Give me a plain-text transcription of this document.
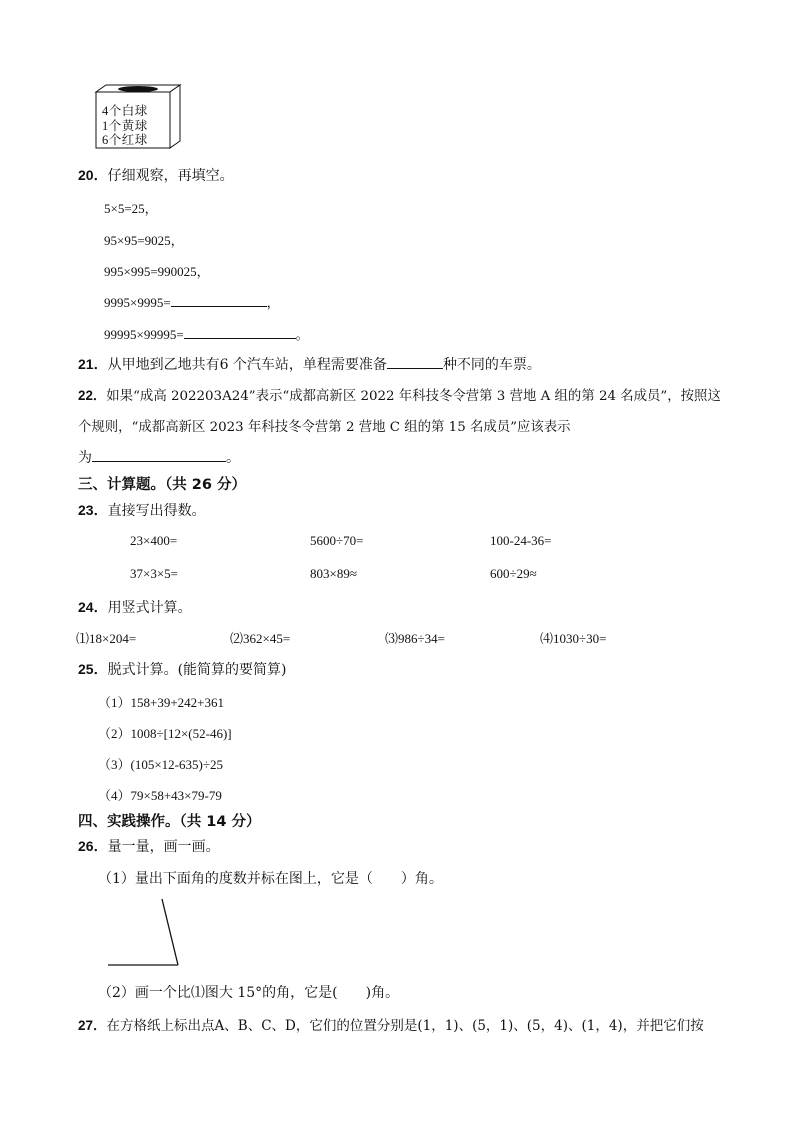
4个白球
1个黄球
6个红球
20．仔细观察，再填空。
5×5=25，
95×95=9025，
995×995=990025，
9995×9995=	，
99995×99995=	。
21．从甲地到乙地共有6 个汽车站，单程需要准备	种不同的车票。
22．如果“成高 202203A24”表示“成都高新区 2022 年科技冬令营第 3 营地 A 组的第 24 名成员”，按照这
个规则，“成都高新区 2023 年科技冬令营第 2 营地 C 组的第 15 名成员”应该表示
为	。
三、计算题。（共 26 分）
23．直接写出得数。
23×400=	5600÷70=	100-24-36=
37×3×5=	803×89≈	600÷29≈
24．用竖式计算。
⑴18×204=	⑵362×45=	⑶986÷34=	⑷1030÷30=
25．脱式计算。(能简算的要简算)
（1）158+39+242+361
（2）1008÷[12×(52-46)]
（3）(105×12-635)÷25
（4）79×58+43×79-79
四、实践操作。（共 14 分）
26．量一量，画一画。
（1）量出下面角的度数并标在图上，它是（　　）角。
（2）画一个比⑴图大 15°的角，它是(　　)角。
27．在方格纸上标出点A、B、C、D，它们的位置分别是(1，1)、(5，1)、(5，4)、(1，4)，并把它们按
